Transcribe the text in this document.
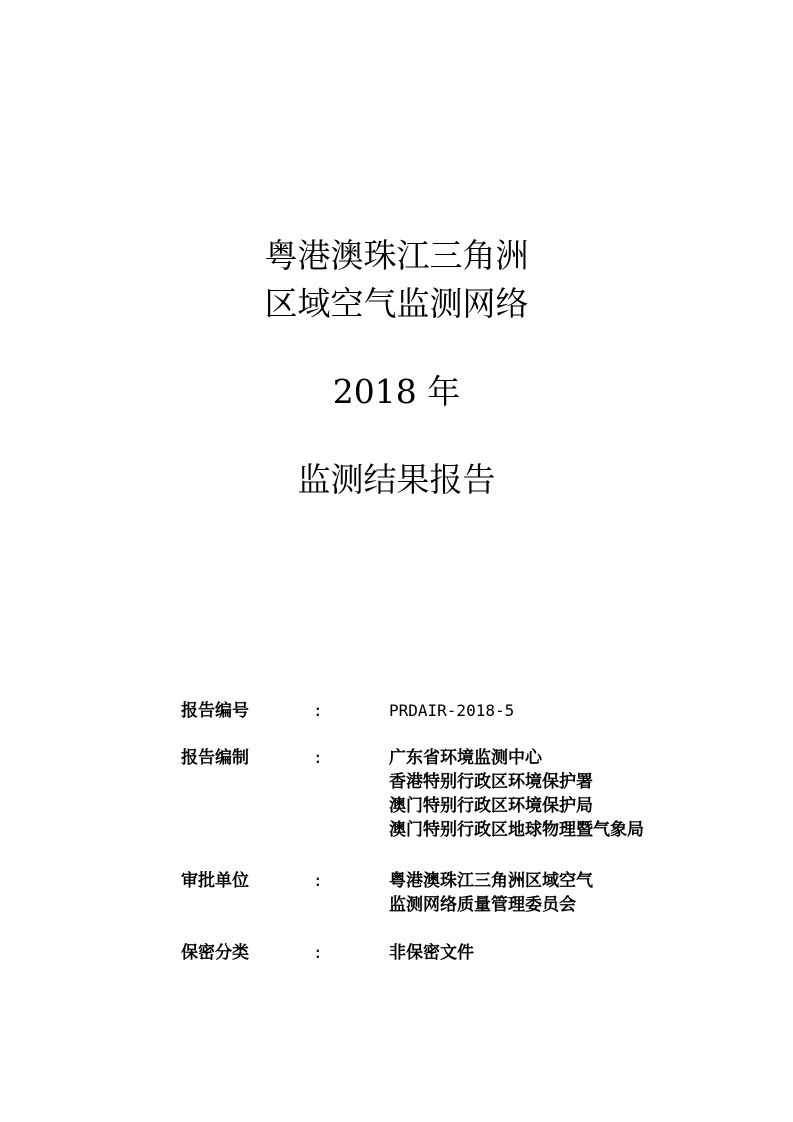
粤港澳珠江三角洲
区域空气监测网络
2018 年
监测结果报告
报告编号	:	PRDAIR-2018-5
报告编制	:	广东省环境监测中心
香港特别行政区环境保护署
澳门特别行政区环境保护局
澳门特别行政区地球物理暨气象局
审批单位	:	粤港澳珠江三角洲区域空气
监测网络质量管理委员会
保密分类	:	非保密文件
